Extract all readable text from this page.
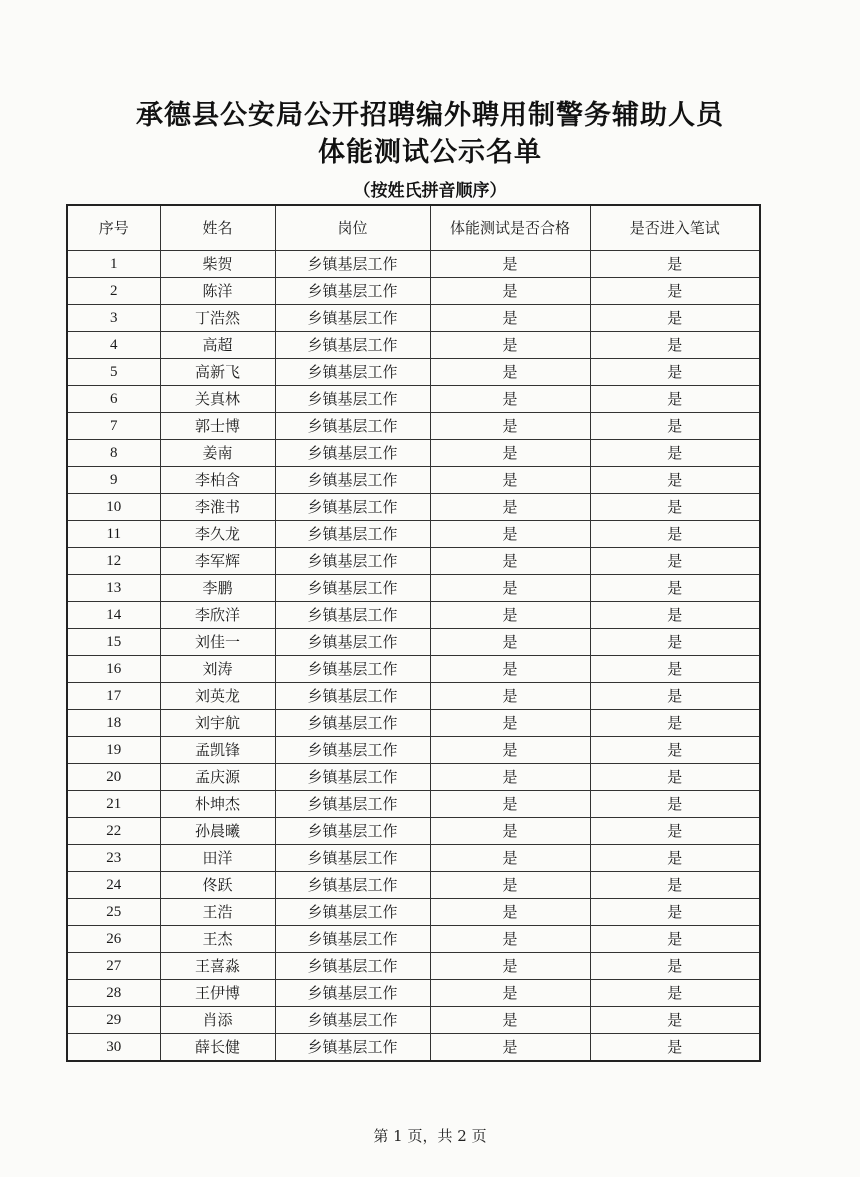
承德县公安局公开招聘编外聘用制警务辅助人员
体能测试公示名单
（按姓氏拼音顺序）
序号	姓名	岗位	体能测试是否合格	是否进入笔试
1	柴贺	乡镇基层工作	是	是
2	陈洋	乡镇基层工作	是	是
3	丁浩然	乡镇基层工作	是	是
4	高超	乡镇基层工作	是	是
5	高新飞	乡镇基层工作	是	是
6	关真林	乡镇基层工作	是	是
7	郭士博	乡镇基层工作	是	是
8	姜南	乡镇基层工作	是	是
9	李柏含	乡镇基层工作	是	是
10	李淮书	乡镇基层工作	是	是
11	李久龙	乡镇基层工作	是	是
12	李军辉	乡镇基层工作	是	是
13	李鹏	乡镇基层工作	是	是
14	李欣洋	乡镇基层工作	是	是
15	刘佳一	乡镇基层工作	是	是
16	刘涛	乡镇基层工作	是	是
17	刘英龙	乡镇基层工作	是	是
18	刘宇航	乡镇基层工作	是	是
19	孟凯锋	乡镇基层工作	是	是
20	孟庆源	乡镇基层工作	是	是
21	朴坤杰	乡镇基层工作	是	是
22	孙晨曦	乡镇基层工作	是	是
23	田洋	乡镇基层工作	是	是
24	佟跃	乡镇基层工作	是	是
25	王浩	乡镇基层工作	是	是
26	王杰	乡镇基层工作	是	是
27	王喜淼	乡镇基层工作	是	是
28	王伊博	乡镇基层工作	是	是
29	肖添	乡镇基层工作	是	是
30	薛长健	乡镇基层工作	是	是
第 1 页，共 2 页
